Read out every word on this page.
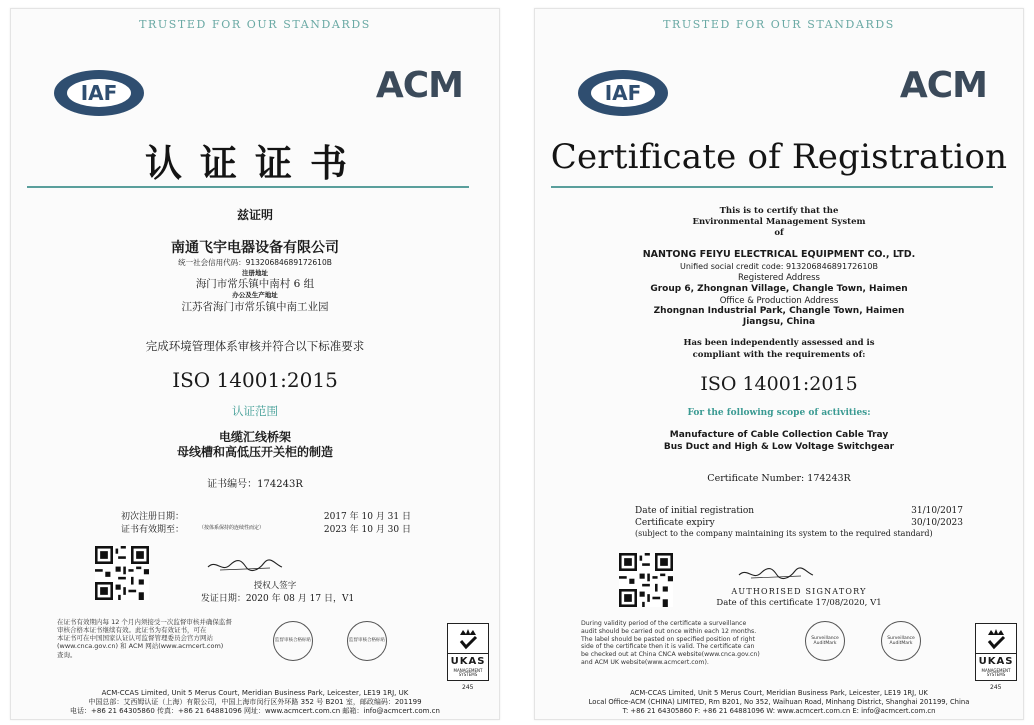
TRUSTED FOR OUR STANDARDS
IAF	ACM
认证证书
兹证明
南通飞宇电器设备有限公司
统一社会信用代码：91320684689172610B
注册地址
海门市常乐镇中南村 6 组
办公及生产地址
江苏省海门市常乐镇中南工业园
完成环境管理体系审核并符合以下标准要求
ISO 14001:2015
认证范围
电缆汇线桥架
母线槽和高低压开关柜的制造
证书编号：174243R
初次注册日期：	2017 年 10 月 31 日
证书有效期至：	（按体系保持的连续性而定）	2023 年 10 月 30 日
授权人签字
发证日期：2020 年 08 月 17 日，V1
在证书有效期内每 12 个月内须接受一次监督审核并确保监督
审核合格本证书继续有效。此证书为有效证书，可在
本证书可在中国国家认证认可监督管理委员会官方网站
(www.cnca.gov.cn) 和 ACM 网站(www.acmcert.com)
查询。
监督审核合格标贴	监督审核合格标贴
UKAS
MANAGEMENT SYSTEMS
245
ACM-CCAS Limited, Unit 5 Merus Court, Meridian Business Park, Leicester, LE19 1RJ, UK
中国总部：艾西姆认证（上海）有限公司，中国上海市闵行区外环路 352 号 B201 室，邮政编码：201199
电话：+86 21 64305860 传真：+86 21 64881096 网址：www.acmcert.com.cn 邮箱：info@acmcert.com.cn
TRUSTED FOR OUR STANDARDS
IAF	ACM
Certificate of Registration
This is to certify that the
Environmental Management System
of
NANTONG FEIYU ELECTRICAL EQUIPMENT CO., LTD.
Unified social credit code: 91320684689172610B
Registered Address
Group 6, Zhongnan Village, Changle Town, Haimen
Office & Production Address
Zhongnan Industrial Park, Changle Town, Haimen
Jiangsu, China
Has been independently assessed and is
compliant with the requirements of:
ISO 14001:2015
For the following scope of activities:
Manufacture of Cable Collection Cable Tray
Bus Duct and High & Low Voltage Switchgear
Certificate Number: 174243R
Date of initial registration	31/10/2017
Certificate expiry	30/10/2023
(subject to the company maintaining its system to the required standard)
AUTHORISED SIGNATORY
Date of this certificate 17/08/2020, V1
During validity period of the certificate a surveillance
audit should be carried out once within each 12 months.
The label should be pasted on specified position of right
side of the certificate then it is valid. The certificate can
be checked out at China CNCA website(www.cnca.gov.cn)
and ACM UK website(www.acmcert.com).
Surveillance AuditMark
Surveillance AuditMark
UKAS
MANAGEMENT SYSTEMS
245
ACM-CCAS Limited, Unit 5 Merus Court, Meridian Business Park, Leicester, LE19 1RJ, UK
Local Office-ACM (CHINA) LIMITED, Rm B201, No 352, Waihuan Road, Minhang District, Shanghai 201199, China
T: +86 21 64305860 F: +86 21 64881096 W: www.acmcert.com.cn E: info@acmcert.com.cn
